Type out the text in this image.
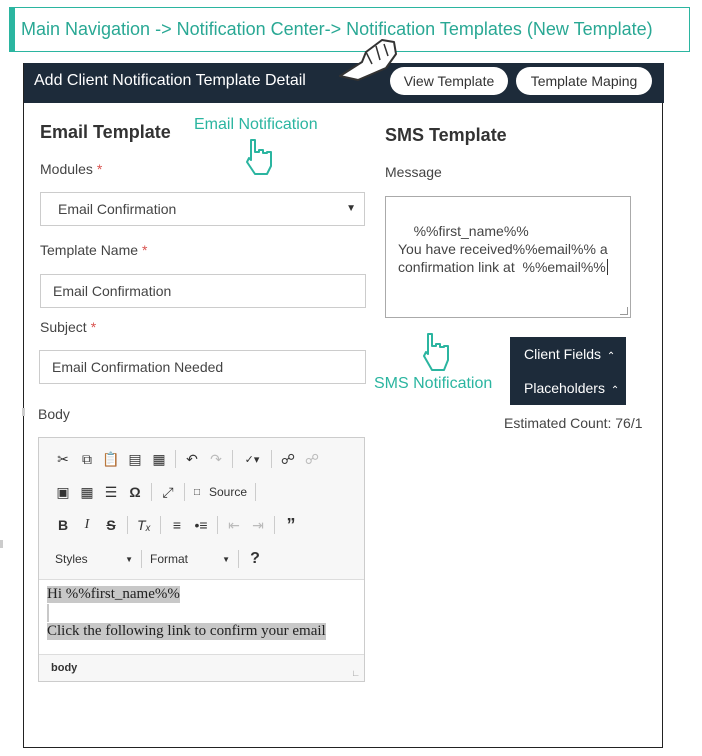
Main Navigation -> Notification Center-> Notification Templates (New Template)
Add Client Notification Template Detail	View Template	Template Maping
Email Template
Modules *
Email Confirmation	▼
Template Name *
Email Confirmation
Subject *
Email Confirmation Needed
Body
✂ ⧉ 📋 ▤ ▦	↶ ↷	✓▾	☍ ☍
▣ ▦ ☰ Ω	⤢	□ Source
B	I	S	Tₓ	≡ •≡	⇤ ⇥	”
Styles	▼ Format	▼	?
Hi %%first_name%%
Click the following link to confirm your email
body	∟
SMS Template
Message

%%first_name%%
You have received%%email%% a
confirmation link at  %%email%%

Client Fields ⌃
Placeholders ⌃
Estimated Count: 76/1
Email Notification
SMS Notification
